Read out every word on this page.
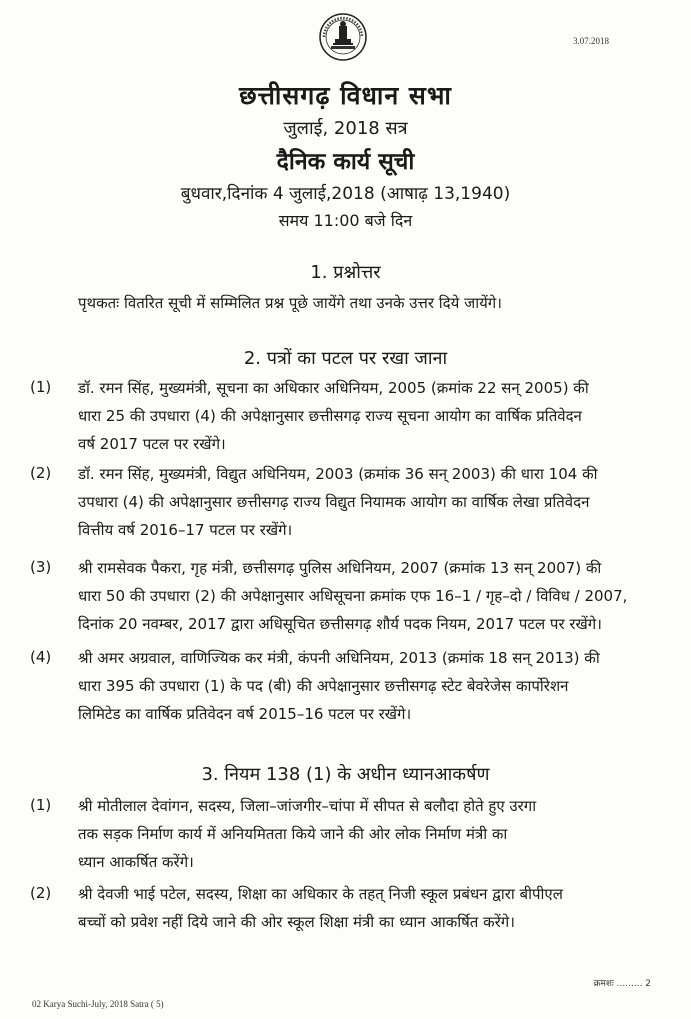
3.07.2018
छत्तीसगढ़ विधान सभा
जुलाई, 2018 सत्र
दैनिक कार्य सूची
बुधवार,दिनांक 4 जुलाई,2018 (आषाढ़ 13,1940)
समय 11:00 बजे दिन
1. प्रश्नोत्तर
पृथकतः वितरित सूची में सम्मिलित प्रश्न पूछे जायेंगे तथा उनके उत्तर दिये जायेंगे।
2. पत्रों का पटल पर रखा जाना
(1) डॉ. रमन सिंह, मुख्यमंत्री, सूचना का अधिकार अधिनियम, 2005 (क्रमांक 22 सन् 2005) की
धारा 25 की उपधारा (4) की अपेक्षानुसार छत्तीसगढ़ राज्य सूचना आयोग का वार्षिक प्रतिवेदन
वर्ष 2017 पटल पर रखेंगे।
(2) डॉ. रमन सिंह, मुख्यमंत्री, विद्युत अधिनियम, 2003 (क्रमांक 36 सन् 2003) की धारा 104 की
उपधारा (4) की अपेक्षानुसार छत्तीसगढ़ राज्य विद्युत नियामक आयोग का वार्षिक लेखा प्रतिवेदन
वित्तीय वर्ष 2016–17 पटल पर रखेंगे।
(3) श्री रामसेवक पैकरा, गृह मंत्री, छत्तीसगढ़ पुलिस अधिनियम, 2007 (क्रमांक 13 सन् 2007) की
धारा 50 की उपधारा (2) की अपेक्षानुसार अधिसूचना क्रमांक एफ 16–1 / गृह–दो / विविध / 2007,
दिनांक 20 नवम्बर, 2017 द्वारा अधिसूचित छत्तीसगढ़ शौर्य पदक नियम, 2017 पटल पर रखेंगे।
(4) श्री अमर अग्रवाल, वाणिज्यिक कर मंत्री, कंपनी अधिनियम, 2013 (क्रमांक 18 सन् 2013) की
धारा 395 की उपधारा (1) के पद (बी) की अपेक्षानुसार छत्तीसगढ़ स्टेट बेवरेजेस कार्पोरेशन
लिमिटेड का वार्षिक प्रतिवेदन वर्ष 2015–16 पटल पर रखेंगे।
3. नियम 138 (1) के अधीन ध्यानआकर्षण
(1) श्री मोतीलाल देवांगन, सदस्य, जिला–जांजगीर–चांपा में सीपत से बलौदा होते हुए उरगा
तक सड़क निर्माण कार्य में अनियमितता किये जाने की ओर लोक निर्माण मंत्री का
ध्यान आकर्षित करेंगे।
(2) श्री देवजी भाई पटेल, सदस्य, शिक्षा का अधिकार के तहत् निजी स्कूल प्रबंधन द्वारा बीपीएल
बच्चों को प्रवेश नहीं दिये जाने की ओर स्कूल शिक्षा मंत्री का ध्यान आकर्षित करेंगे।
क्रमशः ......... 2
02 Karya Suchi-July, 2018 Satra ( 5)
